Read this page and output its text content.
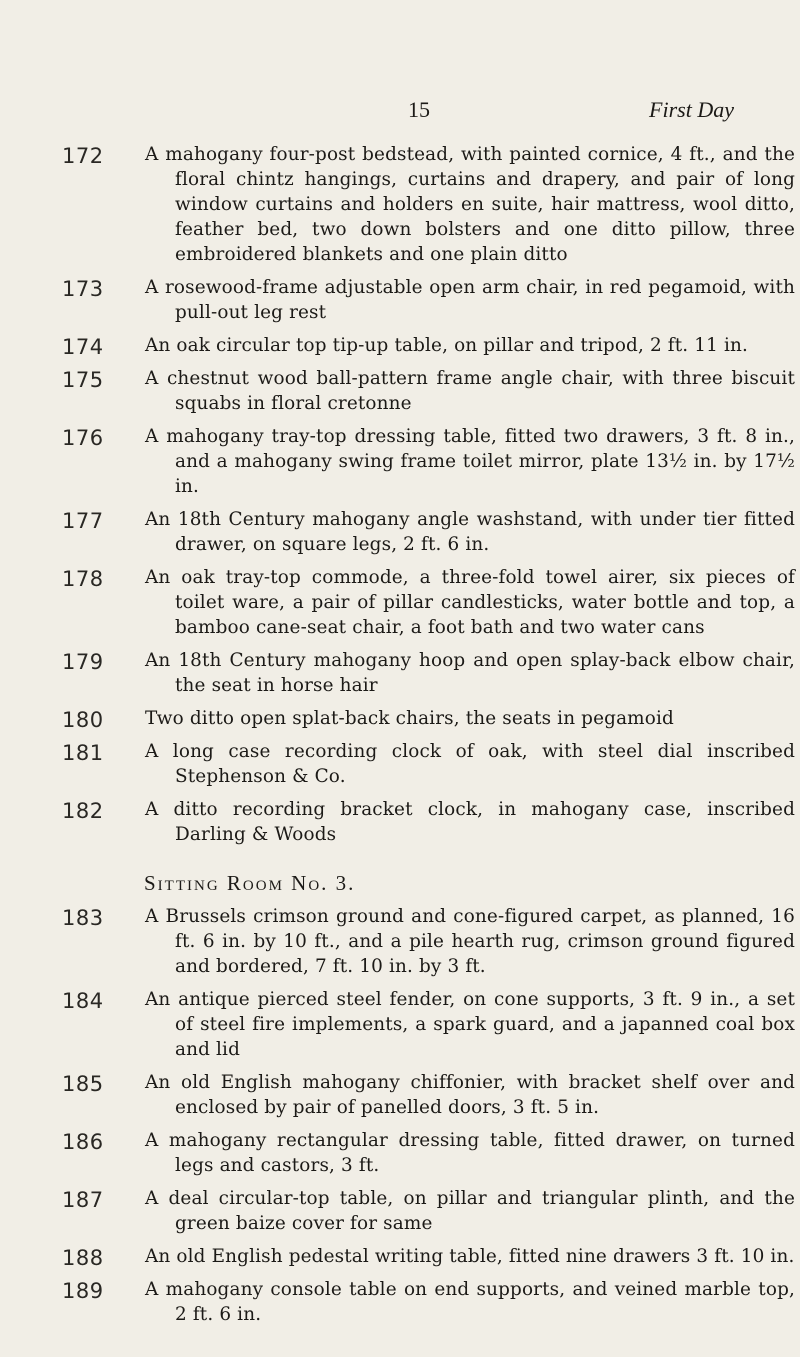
15	First Day
172 A mahogany four-post bedstead, with painted cornice, 4 ft., and the floral chintz hangings, curtains and drapery, and pair of long window curtains and holders en suite, hair mattress, wool ditto, feather bed, two down bolsters and one ditto pillow, three embroidered blankets and one plain ditto
173 A rosewood-frame adjustable open arm chair, in red pegamoid, with pull-out leg rest
174 An oak circular top tip-up table, on pillar and tripod, 2 ft. 11 in.
175 A chestnut wood ball-pattern frame angle chair, with three biscuit squabs in floral cretonne
176 A mahogany tray-top dressing table, fitted two drawers, 3 ft. 8 in., and a mahogany swing frame toilet mirror, plate 13½ in. by 17½ in.
177 An 18th Century mahogany angle washstand, with under tier fitted drawer, on square legs, 2 ft. 6 in.
178 An oak tray-top commode, a three-fold towel airer, six pieces of toilet ware, a pair of pillar candlesticks, water bottle and top, a bamboo cane-seat chair, a foot bath and two water cans
179 An 18th Century mahogany hoop and open splay-back elbow chair, the seat in horse hair
180 Two ditto open splat-back chairs, the seats in pegamoid
181 A long case recording clock of oak, with steel dial inscribed Stephenson & Co.
182 A ditto recording bracket clock, in mahogany case, inscribed Darling & Woods
Sitting Room No. 3.
183 A Brussels crimson ground and cone-figured carpet, as planned, 16 ft. 6 in. by 10 ft., and a pile hearth rug, crimson ground figured and bordered, 7 ft. 10 in. by 3 ft.
184 An antique pierced steel fender, on cone supports, 3 ft. 9 in., a set of steel fire implements, a spark guard, and a japanned coal box and lid
185 An old English mahogany chiffonier, with bracket shelf over and enclosed by pair of panelled doors, 3 ft. 5 in.
186 A mahogany rectangular dressing table, fitted drawer, on turned legs and castors, 3 ft.
187 A deal circular-top table, on pillar and triangular plinth, and the green baize cover for same
188 An old English pedestal writing table, fitted nine drawers 3 ft. 10 in.
189 A mahogany console table on end supports, and veined marble top, 2 ft. 6 in.
